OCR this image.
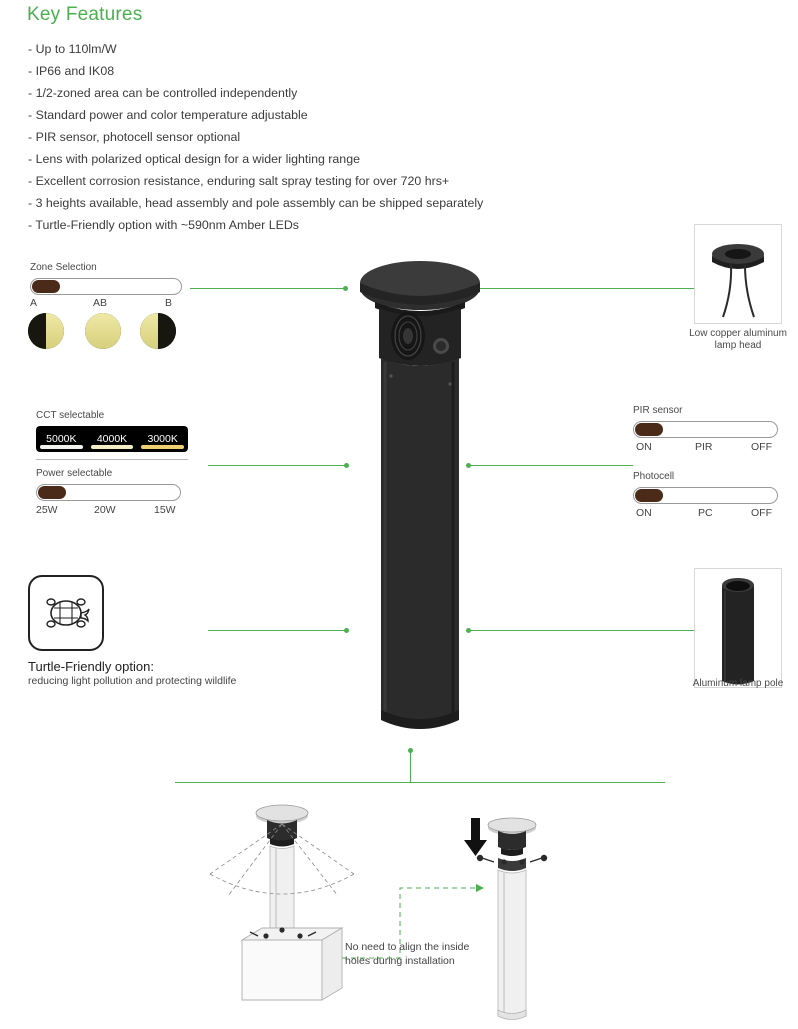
Key Features
- Up to 110lm/W
- IP66 and IK08
- 1/2-zoned area can be controlled independently
- Standard power and color temperature adjustable
- PIR sensor, photocell sensor optional
- Lens with polarized optical design for a wider lighting range
- Excellent corrosion resistance, enduring salt spray testing for over 720 hrs+
- 3 heights available, head assembly and pole assembly can be shipped separately
- Turtle-Friendly option with ~590nm Amber LEDs
Zone Selection
A	AB	B
CCT selectable
5000K 4000K 3000K
Power selectable
25W	20W	15W
PIR sensor
ON	PIR	OFF
Photocell
ON	PC	OFF
Turtle-Friendly option:
reducing light pollution and protecting wildlife
Low copper aluminum
lamp head
Aluminum lamp pole
No need to align the inside
holes during installation
